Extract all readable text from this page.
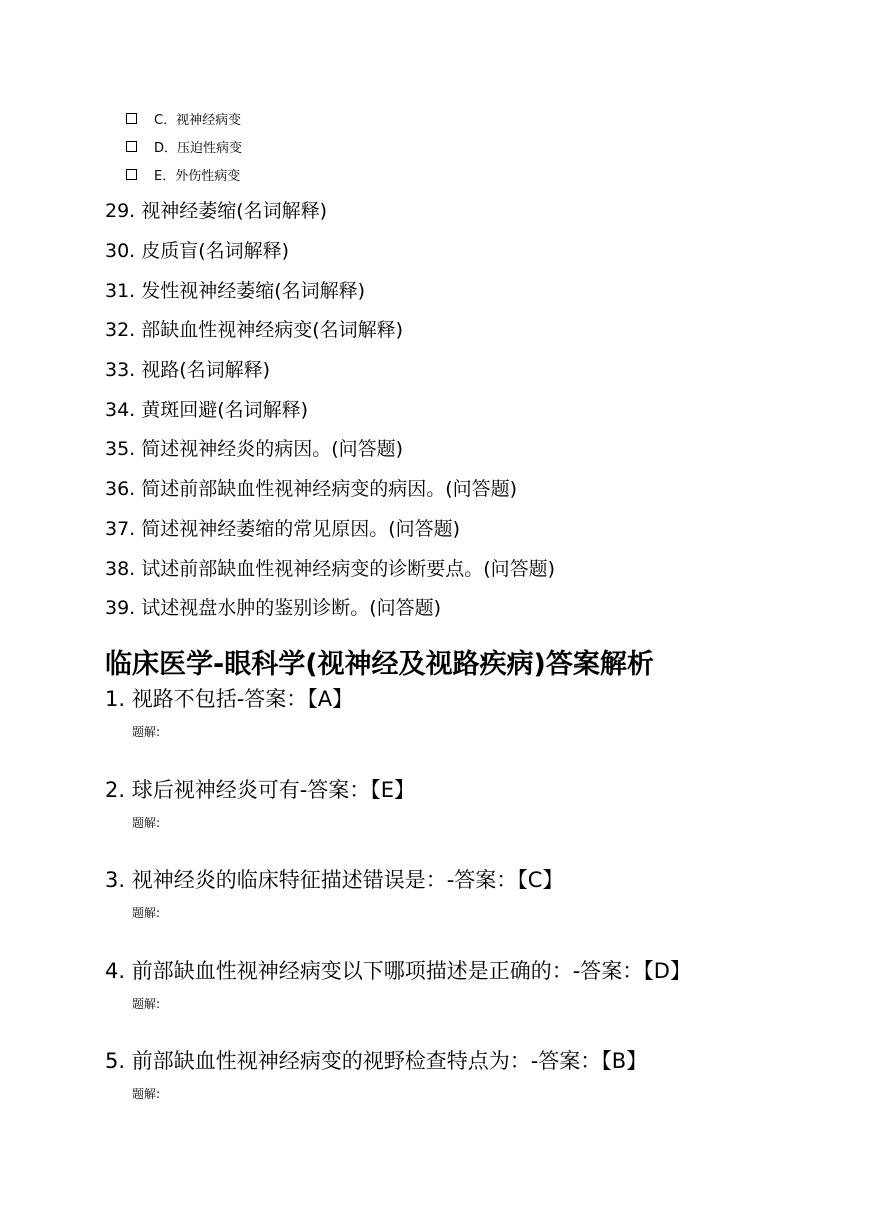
C． 视神经病变
D． 压迫性病变
E． 外伤性病变
29. 视神经萎缩(名词解释)
30. 皮质盲(名词解释)
31. 发性视神经萎缩(名词解释)
32. 部缺血性视神经病变(名词解释)
33. 视路(名词解释)
34. 黄斑回避(名词解释)
35. 简述视神经炎的病因。(问答题)
36. 简述前部缺血性视神经病变的病因。(问答题)
37. 简述视神经萎缩的常见原因。(问答题)
38. 试述前部缺血性视神经病变的诊断要点。(问答题)
39. 试述视盘水肿的鉴别诊断。(问答题)
临床医学-眼科学(视神经及视路疾病)答案解析
1. 视路不包括-答案：【A】
题解:
2. 球后视神经炎可有-答案：【E】
题解:
3. 视神经炎的临床特征描述错误是：-答案：【C】
题解:
4. 前部缺血性视神经病变以下哪项描述是正确的：-答案：【D】
题解:
5. 前部缺血性视神经病变的视野检查特点为：-答案：【B】
题解:
